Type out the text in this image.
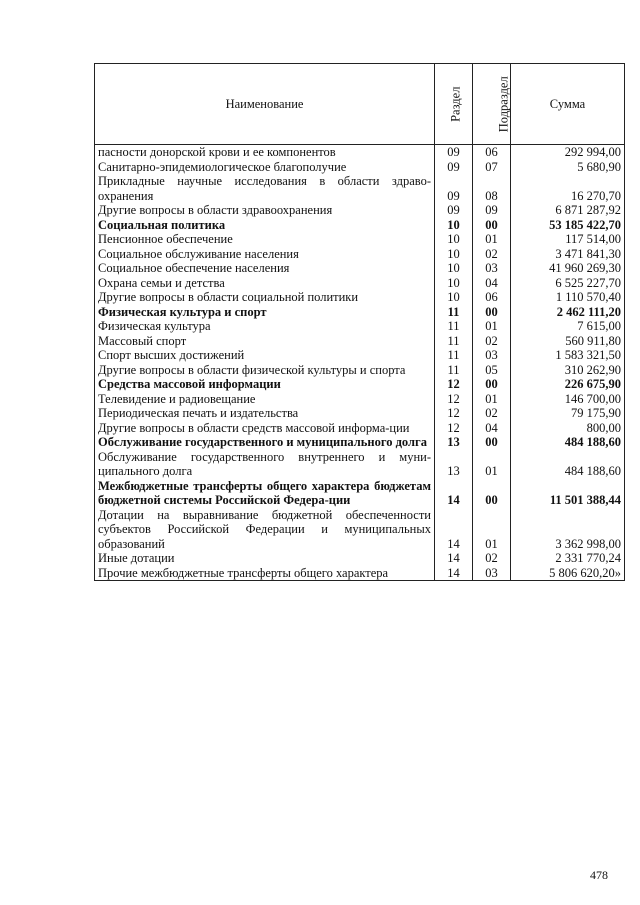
Наименование	Раздел	Подраздел	Сумма
пасности донорской крови и ее компонентов	09	06	292 994,00
Санитарно-эпидемиологическое благополучие	09	07	5 680,90
Прикладные научные исследования в области здраво-охранения	09	08	16 270,70
Другие вопросы в области здравоохранения	09	09	6 871 287,92
Социальная политика	10	00	53 185 422,70
Пенсионное обеспечение	10	01	117 514,00
Социальное обслуживание населения	10	02	3 471 841,30
Социальное обеспечение населения	10	03	41 960 269,30
Охрана семьи и детства	10	04	6 525 227,70
Другие вопросы в области социальной политики	10	06	1 110 570,40
Физическая культура и спорт	11	00	2 462 111,20
Физическая культура	11	01	7 615,00
Массовый спорт	11	02	560 911,80
Спорт высших достижений	11	03	1 583 321,50
Другие вопросы в области физической культуры и спорта	11	05	310 262,90
Средства массовой информации	12	00	226 675,90
Телевидение и радиовещание	12	01	146 700,00
Периодическая печать и издательства	12	02	79 175,90
Другие вопросы в области средств массовой информа-ции	12	04	800,00
Обслуживание государственного и муниципального долга	13	00	484 188,60
Обслуживание государственного внутреннего и муни-ципального долга	13	01	484 188,60
Межбюджетные трансферты общего характера бюджетам бюджетной системы Российской Федера-ции	14	00	11 501 388,44
Дотации на выравнивание бюджетной обеспеченности субъектов Российской Федерации и муниципальных образований	14	01	3 362 998,00
Иные дотации	14	02	2 331 770,24
Прочие межбюджетные трансферты общего характера	14	03	5 806 620,20»
478
